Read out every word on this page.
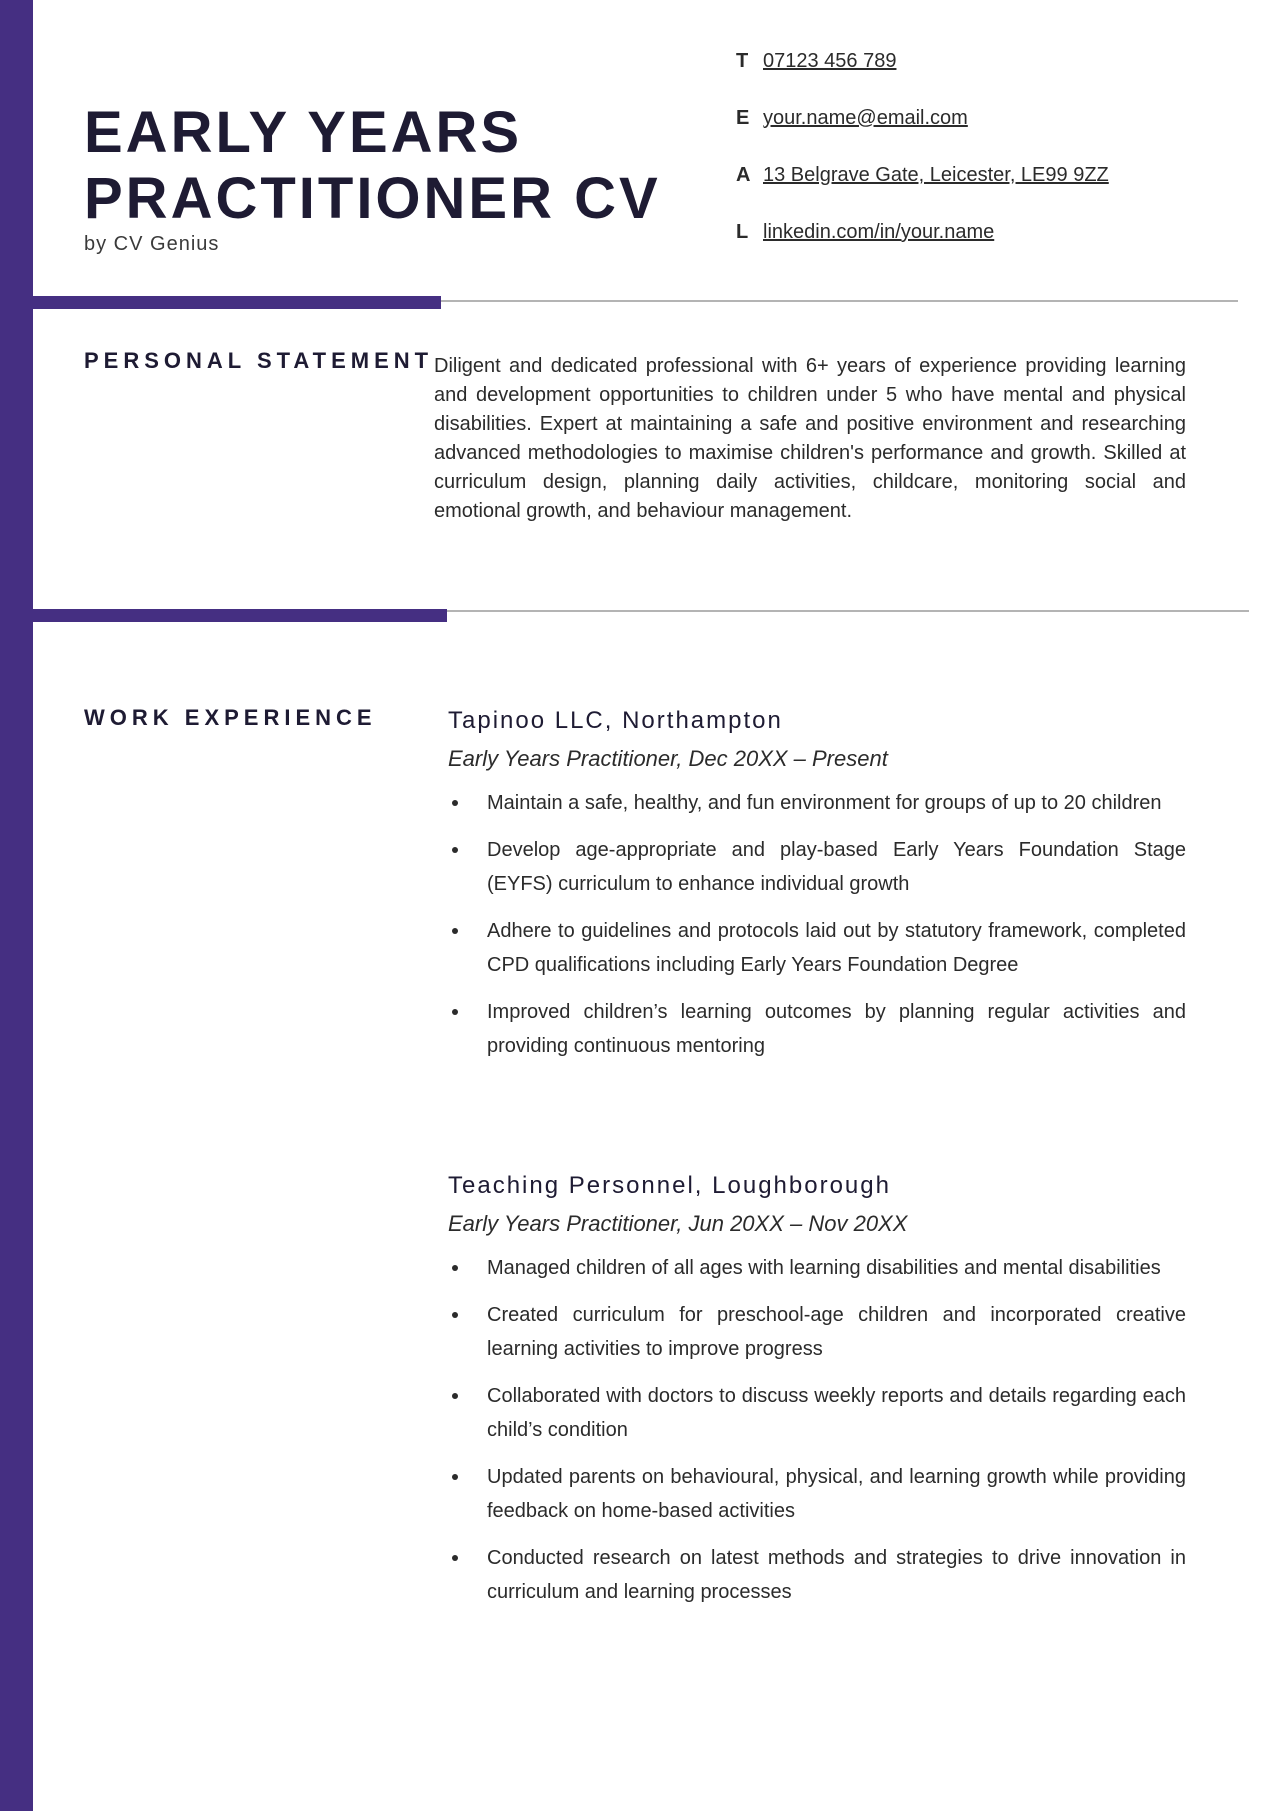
EARLY YEARS
PRACTITIONER CV
by CV Genius
T 07123 456 789
E your.name@email.com
A 13 Belgrave Gate, Leicester, LE99 9ZZ
L linkedin.com/in/your.name
PERSONAL STATEMENT Diligent and dedicated professional with 6+ years of experience providing learning and development opportunities to children under 5 who have mental and physical disabilities. Expert at maintaining a safe and positive environment and researching advanced methodologies to maximise children's performance and growth. Skilled at curriculum design, planning daily activities, childcare, monitoring social and emotional growth, and behaviour management.

WORK EXPERIENCE	Tapinoo LLC, Northampton
Early Years Practitioner, Dec 20XX – Present
Maintain a safe, healthy, and fun environment for groups of up to 20 children
Develop age-appropriate and play-based Early Years Foundation Stage (EYFS) curriculum to enhance individual growth
Adhere to guidelines and protocols laid out by statutory framework, completed CPD qualifications including Early Years Foundation Degree
Improved children’s learning outcomes by planning regular activities and providing continuous mentoring
Teaching Personnel, Loughborough
Early Years Practitioner, Jun 20XX – Nov 20XX
Managed children of all ages with learning disabilities and mental disabilities
Created curriculum for preschool-age children and incorporated creative learning activities to improve progress
Collaborated with doctors to discuss weekly reports and details regarding each child’s condition
Updated parents on behavioural, physical, and learning growth while providing feedback on home-based activities
Conducted research on latest methods and strategies to drive innovation in curriculum and learning processes
